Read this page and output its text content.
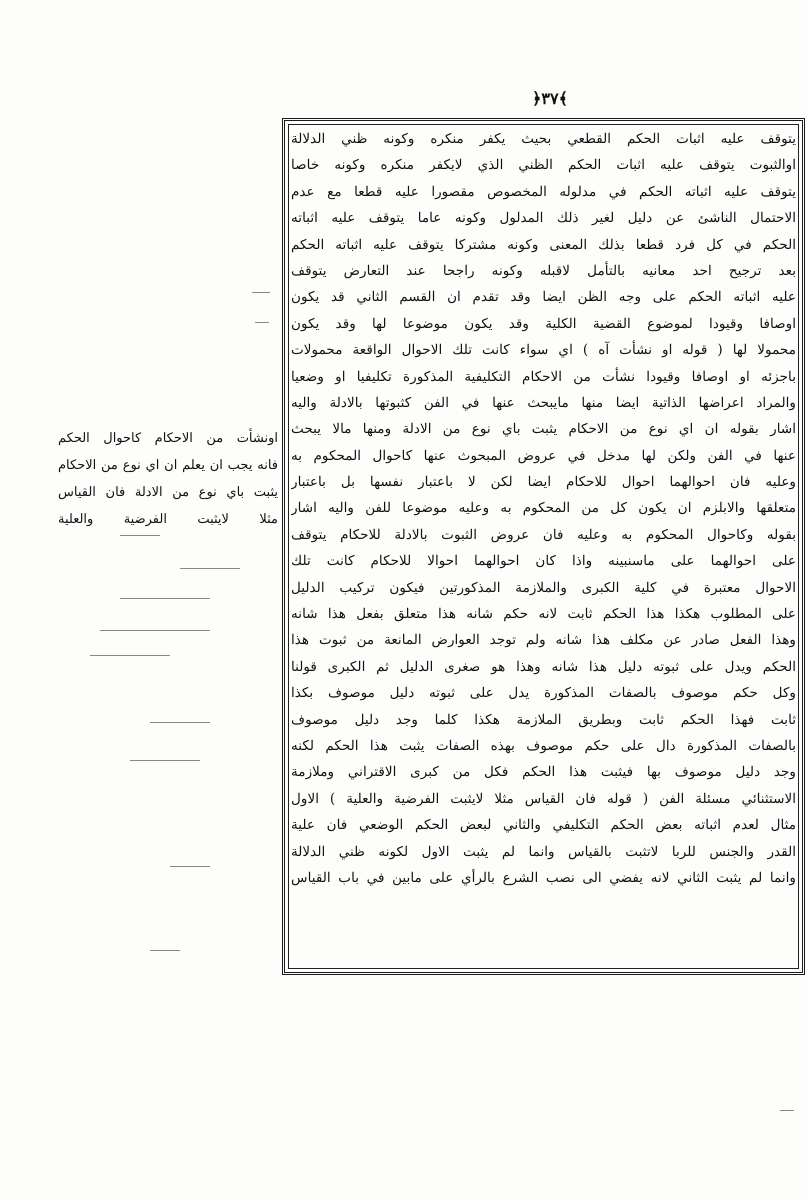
﴿٣٧﴾
يتوقف عليه اثبات الحكم القطعي بحيث يكفر منكره وكونه ظني الدلالة
اوالثبوت يتوقف عليه اثبات الحكم الظني الذي لايكفر منكره وكونه خاصا
يتوقف عليه اثباته الحكم في مدلوله المخصوص مقصورا عليه قطعا مع عدم
الاحتمال الناشئ عن دليل لغير ذلك المدلول وكونه عاما يتوقف عليه اثباته
الحكم في كل فرد قطعا بذلك المعنى وكونه مشتركا يتوقف عليه اثباته الحكم
بعد ترجيح احد معانيه بالتأمل لاقبله وكونه راجحا عند التعارض يتوقف
عليه اثباته الحكم على وجه الظن ايضا وقد تقدم ان القسم الثاني قد يكون
اوصافا وقيودا لموضوع القضية الكلية وقد يكون موضوعا لها وقد يكون
محمولا لها ( قوله او نشأت آه ) اي سواء كانت تلك الاحوال الواقعة محمولات
باجزئه او اوصافا وقيودا نشأت من الاحكام التكليفية المذكورة تكليفيا او وضعيا
والمراد اعراضها الذاتية ايضا منها مايبحث عنها في الفن كثبوتها بالادلة واليه
اشار بقوله ان اي نوع من الاحكام يثبت باي نوع من الادلة ومنها مالا يبحث
عنها في الفن ولكن لها مدخل في عروض المبحوث عنها كاحوال المحكوم به
وعليه فان احوالهما احوال للاحكام ايضا لكن لا باعتبار نفسها بل باعتبار
متعلقها والابلزم ان يكون كل من المحكوم به وعليه موضوعا للفن واليه اشار
بقوله وكاحوال المحكوم به وعليه فان عروض الثبوت بالادلة للاحكام يتوقف
على احوالهما على ماسنبينه واذا كان احوالهما احوالا للاحكام كانت تلك
الاحوال معتبرة في كلية الكبرى والملازمة المذكورتين فيكون تركيب الدليل
على المطلوب هكذا هذا الحكم ثابت لانه حكم شانه هذا متعلق بفعل هذا شانه
وهذا الفعل صادر عن مكلف هذا شانه ولم توجد العوارض المانعة من ثبوت هذا
الحكم ويدل على ثبوته دليل هذا شانه وهذا هو صغرى الدليل ثم الكبرى قولنا
وكل حكم موصوف بالصفات المذكورة يدل على ثبوته دليل موصوف بكذا
ثابت فهذا الحكم ثابت وبطريق الملازمة هكذا كلما وجد دليل موصوف
بالصفات المذكورة دال على حكم موصوف بهذه الصفات يثبت هذا الحكم لكنه
وجد دليل موصوف بها فيثبت هذا الحكم فكل من كبرى الاقتراني وملازمة
الاستثنائي مسئلة الفن ( قوله فان القياس مثلا لايثبت الفرضية والعلية ) الاول
مثال لعدم اثباته بعض الحكم التكليفي والثاني لبعض الحكم الوضعي فان علية
القدر والجنس للربا لاتثبت بالقياس وانما لم يثبت الاول لكونه ظني الدلالة
وانما لم يثبت الثاني لانه يفضي الى نصب الشرع بالرأي على مابين في باب القياس
اونشأت من الاحكام كاحوال الحكم
فانه يجب ان يعلم ان اي نوع من الاحكام
يثبت باي نوع من الادلة فان القياس
مثلا لايثبت الفرضية والعلية
